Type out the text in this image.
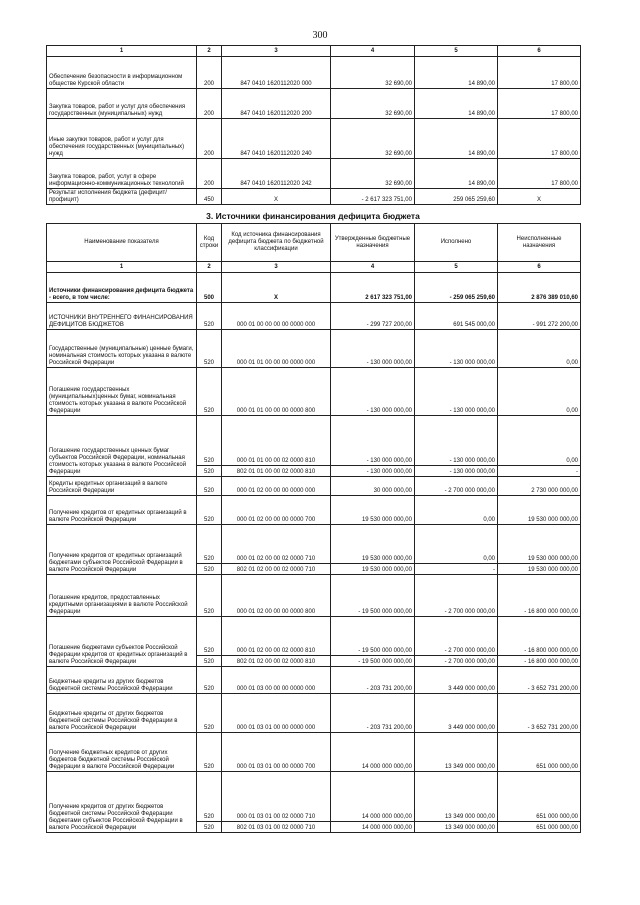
300
1	2	3	4	5	6
Обеспечение безопасности в информационном обществе Курской области	200	847 0410 1620112020 000	32 690,00	14 890,00	17 800,00
Закупка товаров, работ и услуг для обеспечения государственных (муниципальных) нужд	200	847 0410 1620112020 200	32 690,00	14 890,00	17 800,00
Иные закупки товаров, работ и услуг для обеспечения государственных (муниципальных) нужд	200	847 0410 1620112020 240	32 690,00	14 890,00	17 800,00
Закупка товаров, работ, услуг в сфере информационно-коммуникационных технологий	200	847 0410 1620112020 242	32 690,00	14 890,00	17 800,00
Результат исполнения бюджета (дефицит/профицит)	450	X	- 2 617 323 751,00	259 065 259,60	X
3. Источники финансирования дефицита бюджета
Наименование показателя	Код строки	Код источника финансирования дефицита бюджета по бюджетной классификации	Утвержденные бюджетные назначения	Исполнено	Неисполненные назначения
1	2	3	4	5	6
Источники финансирования дефицита бюджета - всего, в том числе:	500	X	2 617 323 751,00	- 259 065 259,60	2 876 389 010,60
ИСТОЧНИКИ ВНУТРЕННЕГО ФИНАНСИРОВАНИЯ ДЕФИЦИТОВ БЮДЖЕТОВ	520	000 01 00 00 00 00 0000 000	- 299 727 200,00	691 545 000,00	- 991 272 200,00
Государственные (муниципальные) ценные бумаги, номинальная стоимость которых указана в валюте Российской Федерации	520	000 01 01 00 00 00 0000 000	- 130 000 000,00	- 130 000 000,00	0,00
Погашение государственных (муниципальных)ценных бумаг, номинальная стоимость которых указана в валюте Российской Федерации	520	000 01 01 00 00 00 0000 800	- 130 000 000,00	- 130 000 000,00	0,00
Погашение государственных ценных бумаг субъектов Российской Федерации, номинальная стоимость которых указана в валюте Российской Федерации	520	000 01 01 00 00 02 0000 810	- 130 000 000,00	- 130 000 000,00	0,00
	520	802 01 01 00 00 02 0000 810	- 130 000 000,00	- 130 000 000,00	-
Кредиты кредитных организаций в валюте Российской Федерации	520	000 01 02 00 00 00 0000 000	30 000 000,00	- 2 700 000 000,00	2 730 000 000,00
Получение кредитов от кредитных организаций в валюте Российской Федерации	520	000 01 02 00 00 00 0000 700	19 530 000 000,00	0,00	19 530 000 000,00
Получение кредитов от кредитных организаций бюджетами субъектов Российской Федерации в валюте Российской Федерации	520	000 01 02 00 00 02 0000 710	19 530 000 000,00	0,00	19 530 000 000,00
	520	802 01 02 00 00 02 0000 710	19 530 000 000,00	-	19 530 000 000,00
Погашение кредитов, предоставленных кредитными организациями в валюте Российской Федерации	520	000 01 02 00 00 00 0000 800	- 19 500 000 000,00	- 2 700 000 000,00	- 16 800 000 000,00
Погашение бюджетами субъектов Российской Федерации кредитов от кредитных организаций в валюте Российской Федерации	520	000 01 02 00 00 02 0000 810	- 19 500 000 000,00	- 2 700 000 000,00	- 16 800 000 000,00
	520	802 01 02 00 00 02 0000 810	- 19 500 000 000,00	- 2 700 000 000,00	- 16 800 000 000,00
Бюджетные кредиты из других бюджетов бюджетной системы Российской Федерации	520	000 01 03 00 00 00 0000 000	- 203 731 200,00	3 449 000 000,00	- 3 652 731 200,00
Бюджетные кредиты от других бюджетов бюджетной системы Российской Федерации в валюте Российской Федерации	520	000 01 03 01 00 00 0000 000	- 203 731 200,00	3 449 000 000,00	- 3 652 731 200,00
Получение бюджетных кредитов от других бюджетов бюджетной системы Российской Федерации в валюте Российской Федерации	520	000 01 03 01 00 00 0000 700	14 000 000 000,00	13 349 000 000,00	651 000 000,00
Получение кредитов от других бюджетов бюджетной системы Российской Федерации бюджетами субъектов Российской Федерации в валюте Российской Федерации	520	000 01 03 01 00 02 0000 710	14 000 000 000,00	13 349 000 000,00	651 000 000,00
	520	802 01 03 01 00 02 0000 710	14 000 000 000,00	13 349 000 000,00	651 000 000,00
